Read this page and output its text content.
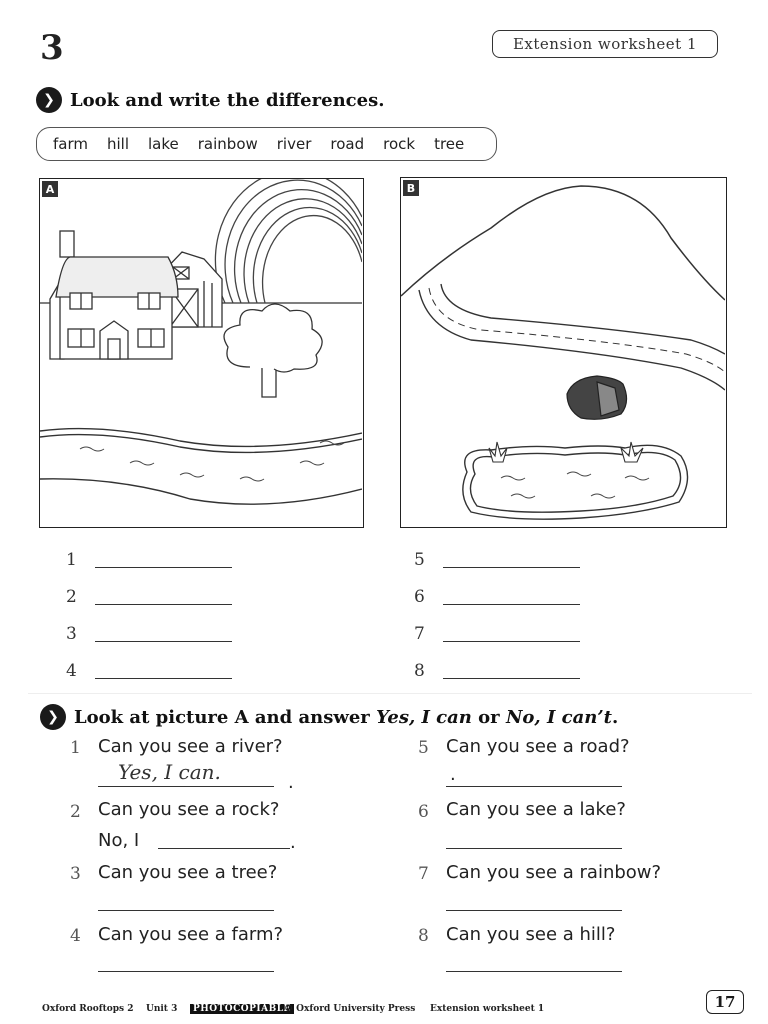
3	Extension worksheet 1
❯ Look and write the differences.
farm hill lake rainbow river road rock tree
A	B
1
2
3
4
5
6
7
8
❯ Look at picture A and answer Yes, I can or No, I can’t.
1 Can you see a river?
Yes, I can.	.
2 Can you see a rock?
No, I	.
3 Can you see a tree?
4 Can you see a farm?
5 Can you see a road?
.
6 Can you see a lake?
7 Can you see a rainbow?
8 Can you see a hill?
Oxford Rooftops 2 Unit 3	PHOTOCOPIABLE
© Oxford University Press Extension worksheet 1	17
